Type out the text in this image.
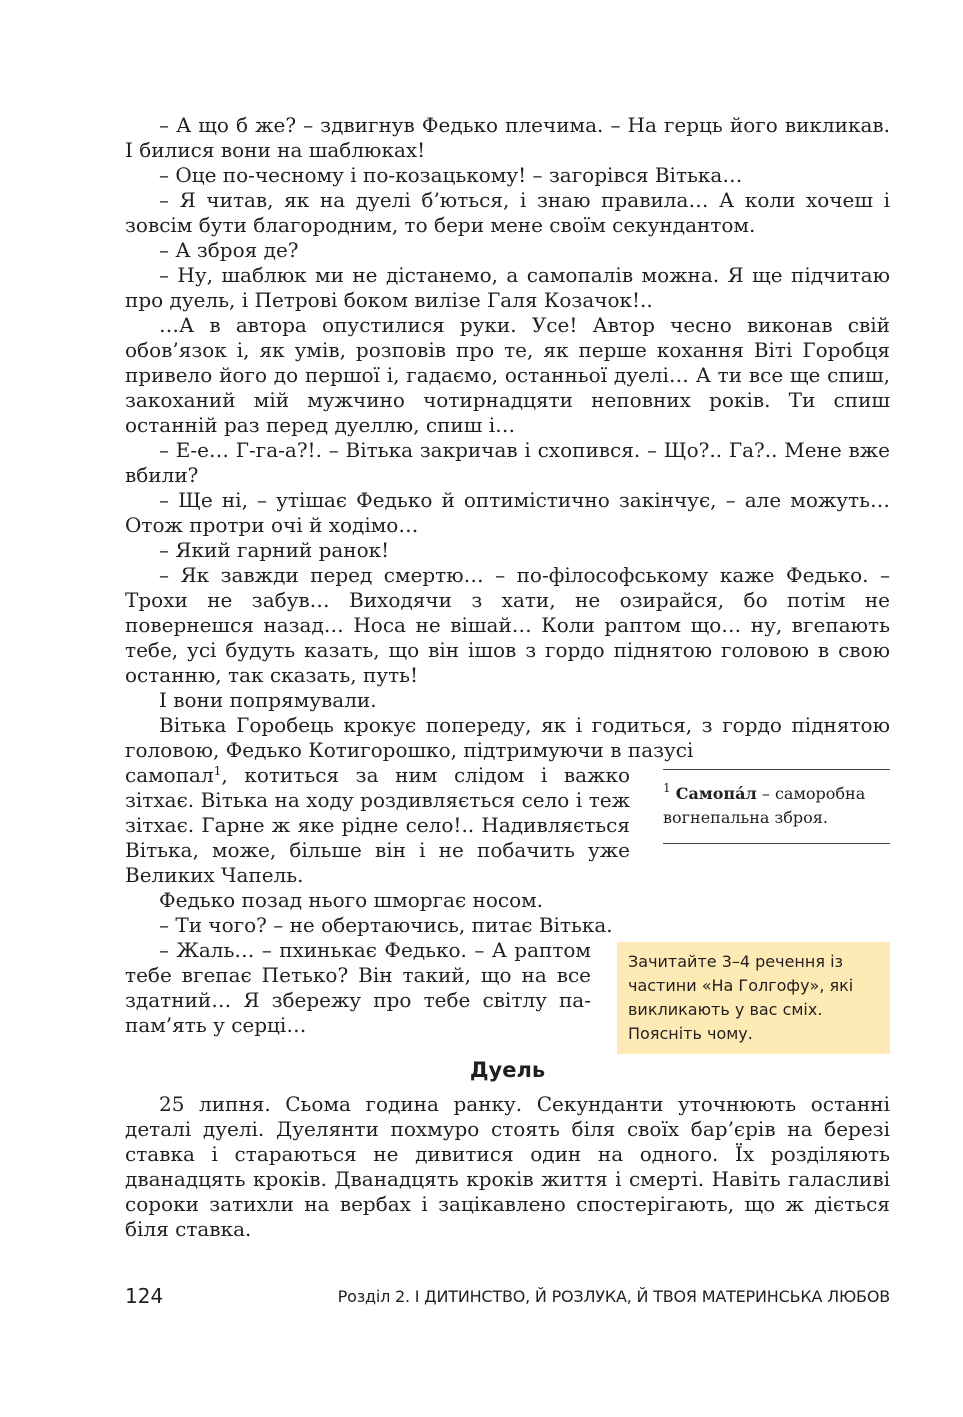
– А що б же? – здвигнув Федько плечима. – На герць його викликав. І билися вони на шаблюках!

– Оце по-чесному і по-козацькому! – загорівся Вітька…

– Я читав, як на дуелі б’ються, і знаю правила… А коли хочеш і зовсім бути благородним, то бери мене своїм секундантом.

– А зброя де?

– Ну, шаблюк ми не дістанемо, а самопалів можна. Я ще підчитаю про дуель, і Петрові боком вилізе Галя Козачок!..

…А в автора опустилися руки. Усе! Автор чесно виконав свій обов’язок і, як умів, розповів про те, як перше кохання Віті Горобця привело його до першої і, гадаємо, останньої дуелі… А ти все ще спиш, закоханий мій мужчино чотирнадцяти неповних років. Ти спиш останній раз перед дуеллю, спиш і…

– Е-е… Г-га-а?!. – Вітька закричав і схопився. – Що?.. Га?.. Мене вже вбили?

– Ще ні, – утішає Федько й оптимістично закінчує, – але можуть… Отож протри очі й ходімо…

– Який гарний ранок!

– Як завжди перед смертю… – по-філософському каже Федько. – Трохи не забув… Виходячи з хати, не озирайся, бо потім не повернешся назад… Носа не вішай… Коли раптом що… ну, вгепають тебе, усі будуть казать, що він ішов з гордо піднятою головою в свою останню, так сказать, путь!

І вони попрямували.

Вітька Горобець крокує попереду, як і годиться, з гордо піднятою головою, Федько Котигорошко, підтримуючи в пазусі

самопал$^1$, котиться за ним слідом і важко зітхає. Вітька на ходу роздивляється село і теж зітхає. Гарне ж яке рідне село!.. Надивляється Вітька, може, більше він і не побачить уже Великих Чапель.

$^1$ Самопа́л – саморобна вогнепальна зброя.

Федько позад нього шморгає носом.

– Ти чого? – не обертаючись, питає Вітька.

– Жаль… – пхинькає Федько. – А раптом тебе вгепає Петько? Він такий, що на все здатний… Я збережу про тебе світлу па-пам’ять у серці…

Зачитайте 3–4 речення із частини «На Голгофу», які викликають у вас сміх. Поясніть чому.
Дуель

25 липня. Сьома година ранку. Секунданти уточнюють останні деталі дуелі. Дуелянти похмуро стоять біля своїх бар’єрів на березі ставка і стараються не дивитися один на одного. Їх розділяють дванадцять кроків. Дванадцять кроків життя і смерті. Навіть галасливі сороки затихли на вербах і зацікавлено спостерігають, що ж діється біля ставка.

124	Розділ 2. І ДИТИНСТВО, Й РОЗЛУКА, Й ТВОЯ МАТЕРИНСЬКА ЛЮБОВ
